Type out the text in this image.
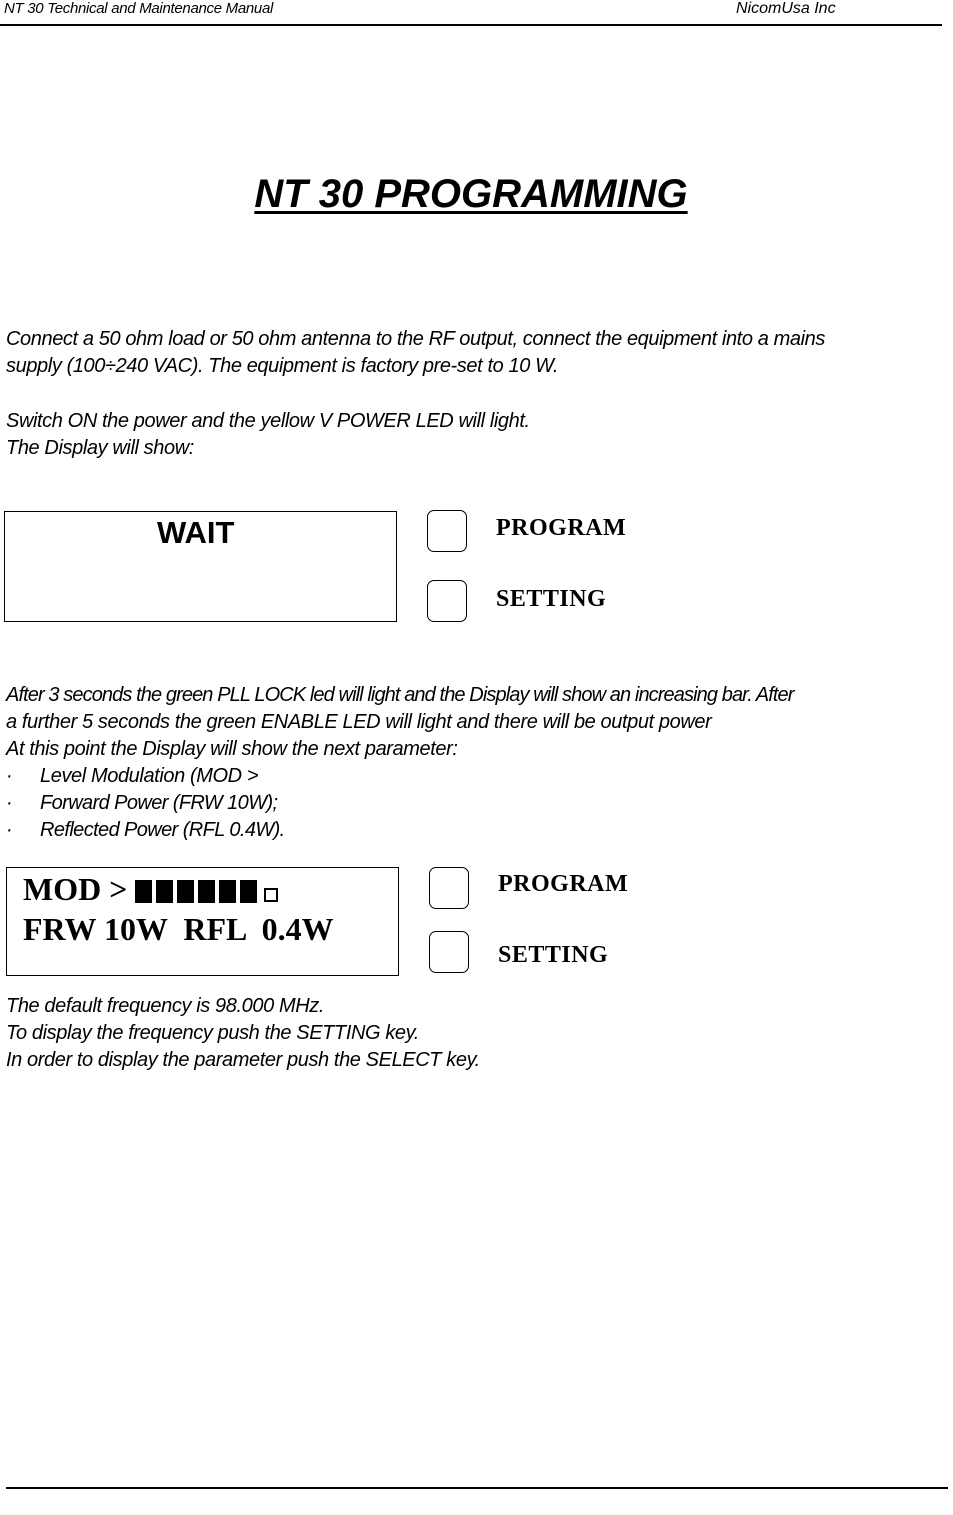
NT 30 Technical and Maintenance Manual	NicomUsa Inc
NT 30 PROGRAMMING

Connect a 50 ohm load or 50 ohm antenna to the RF output, connect the equipment into a mains

supply (100÷240 VAC). The equipment is factory pre-set to 10 W.

Switch ON the power and the yellow V POWER LED will light.

The Display will show:

WAIT	PROGRAM
SETTING

After 3 seconds the green PLL LOCK led will light and the Display will show an increasing bar. After

a further 5 seconds the green ENABLE LED will light and there will be output power

At this point the Display will show the next parameter:

· Level Modulation (MOD >

· Forward Power (FRW 10W);

· Reflected Power (RFL 0.4W).

MOD >
FRW 10W  RFL  0.4W
PROGRAM
SETTING

The default frequency is 98.000 MHz.

To display the frequency push the SETTING key.

In order to display the parameter push the SELECT key.
